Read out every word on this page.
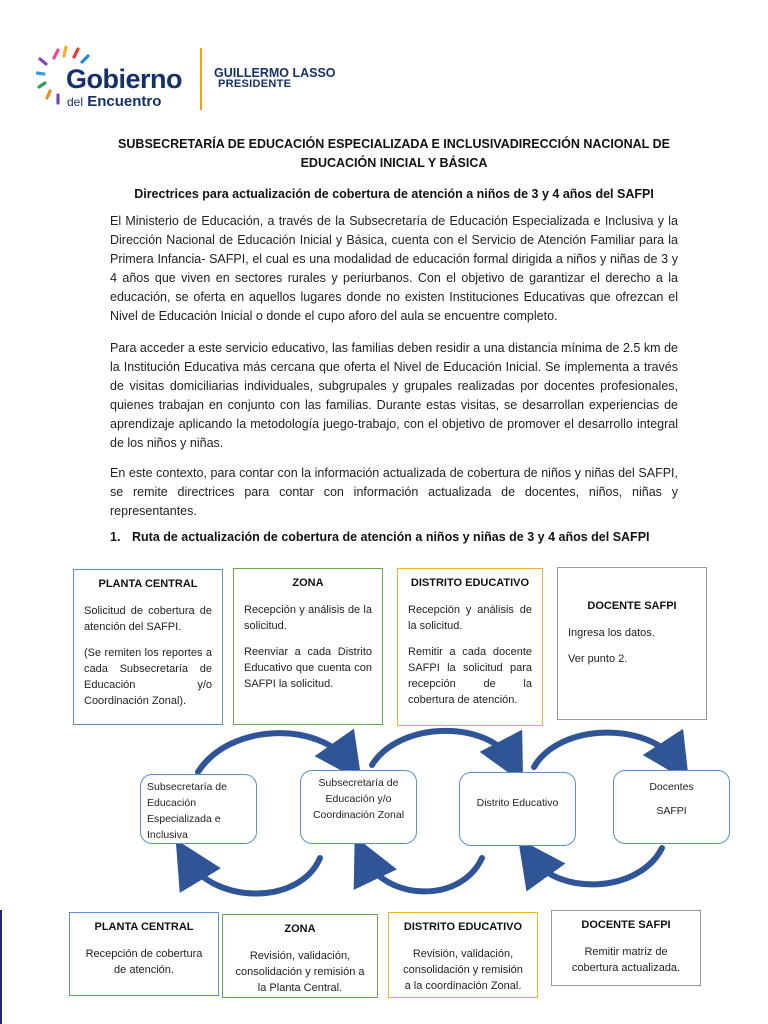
Gobierno
del Encuentro
GUILLERMO LASSO
PRESIDENTE
SUBSECRETARÍA DE EDUCACIÓN ESPECIALIZADA E INCLUSIVADIRECCIÓN NACIONAL DE EDUCACIÓN INICIAL Y BÁSICA
Directrices para actualización de cobertura de atención a niños de 3 y 4 años del SAFPI
El Ministerio de Educación, a través de la Subsecretaría de Educación Especializada e Inclusiva y la Dirección Nacional de Educación Inicial y Básica, cuenta con el Servicio de Atención Familiar para la Primera Infancia- SAFPI, el cual es una modalidad de educación formal dirigida a niños y niñas de 3 y 4 años que viven en sectores rurales y periurbanos. Con el objetivo de garantizar el derecho a la educación, se oferta en aquellos lugares donde no existen Instituciones Educativas que ofrezcan el Nivel de Educación Inicial o donde el cupo aforo del aula se encuentre completo.
Para acceder a este servicio educativo, las familias deben residir a una distancia mínima de 2.5 km de la Institución Educativa más cercana que oferta el Nivel de Educación Inicial. Se implementa a través de visitas domiciliarias individuales, subgrupales y grupales realizadas por docentes profesionales, quienes trabajan en conjunto con las familias. Durante estas visitas, se desarrollan experiencias de aprendizaje aplicando la metodología juego-trabajo, con el objetivo de promover el desarrollo integral de los niños y niñas.
En este contexto, para contar con la información actualizada de cobertura de niños y niñas del SAFPI, se remite directrices para contar con información actualizada de docentes, niños, niñas y representantes.
1. Ruta de actualización de cobertura de atención a niños y niñas de 3 y 4 años del SAFPI
PLANTA CENTRAL

Solicitud de cobertura de atención del SAFPI.

(Se remiten los reportes a cada Subsecretaría de Educación y/o Coordinación Zonal).

ZONA

Recepción y análisis de la solicitud.

Reenviar a cada Distrito Educativo que cuenta con SAFPI la solicitud.

DISTRITO EDUCATIVO

Recepción y análisis de la solicitud.

Remitir a cada docente SAFPI la solicitud para recepción de la cobertura de atención.

DOCENTE SAFPI

Ingresa los datos.

Ver punto 2.

Subsecretaría de Educación Especializada e Inclusiva
Subsecretaría de Educación y/o Coordinación Zonal
Distrito Educativo
Docentes
SAFPI
PLANTA CENTRAL

Recepción de cobertura de atención.

ZONA

Revisión, validación, consolidación y remisión a la Planta Central.

DISTRITO EDUCATIVO

Revisión, validación, consolidación y remisión a la coordinación Zonal.

DOCENTE SAFPI

Remitir matriz de cobertura actualizada.
